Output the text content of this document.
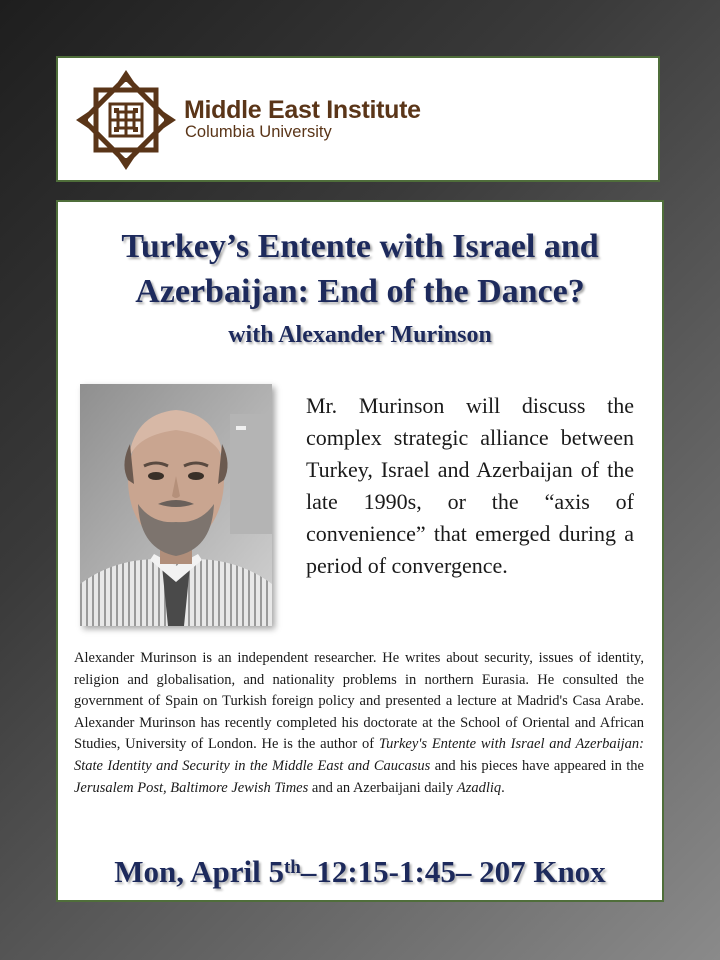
Middle East Institute
Columbia University
Turkey’s Entente with Israel and
Azerbaijan: End of the Dance?
with Alexander Murinson
Mr. Murinson will discuss the complex strategic alliance between Turkey, Israel and Azerbaijan of the late 1990s, or the “axis of convenience” that emerged during a period of convergence.
Alexander Murinson is an independent researcher. He writes about security, issues of identity, religion and globalisation, and nationality problems in northern Eurasia. He consulted the government of Spain on Turkish foreign policy and presented a lecture at Madrid's Casa Arabe. Alexander Murinson has recently completed his doctorate at the School of Oriental and African Studies, University of London. He is the author of Turkey's Entente with Israel and Azerbaijan: State Identity and Security in the Middle East and Caucasus and his pieces have appeared in the Jerusalem Post, Baltimore Jewish Times and an Azerbaijani daily Azadliq.
Mon, April 5th–12:15-1:45– 207 Knox
